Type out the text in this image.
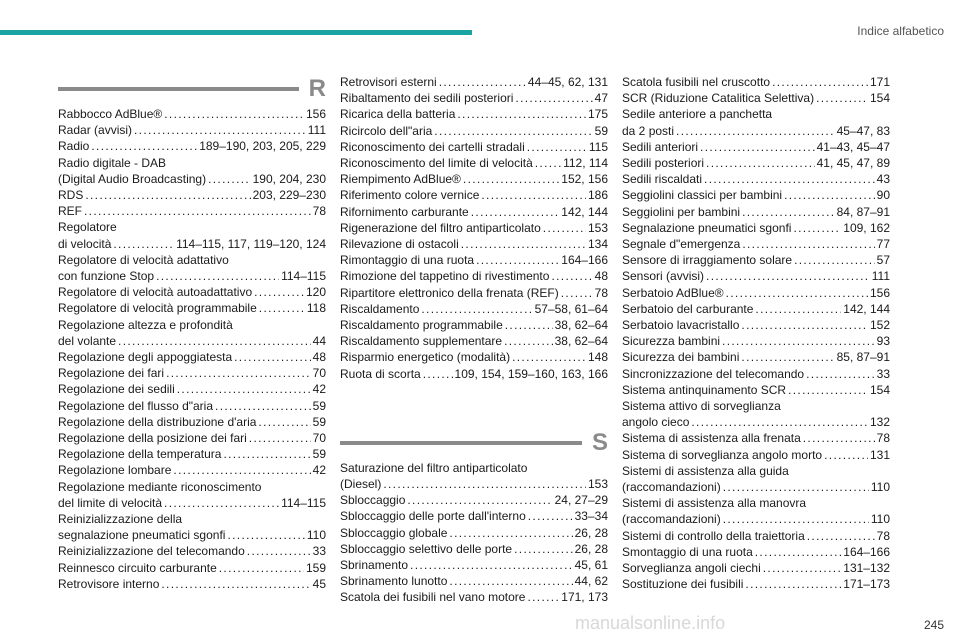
Indice alfabetico
R
Rabbocco AdBlue® . . .	156
Radar (avvisi) . . .	111
Radio . . .	189–190, 203, 205, 229
Radio digitale - DAB
(Digital Audio Broadcasting) . . .	190, 204, 230
RDS . . .	203, 229–230
REF . . .	78
Regolatore
di velocità . . .	114–115, 117, 119–120, 124
Regolatore di velocità adattativo
con funzione Stop . . .	114–115
Regolatore di velocità autoadattativo . . .	120
Regolatore di velocità programmabile . . .	118
Regolazione altezza e profondità
del volante . . .	44
Regolazione degli appoggiatesta . . .	48
Regolazione dei fari . . .	70
Regolazione dei sedili . . .	42
Regolazione del flusso d"aria . . .	59
Regolazione della distribuzione d'aria . . .	59
Regolazione della posizione dei fari . . .	70
Regolazione della temperatura . . .	59
Regolazione lombare . . .	42
Regolazione mediante riconoscimento
del limite di velocità . . .	114–115
Reinizializzazione della
segnalazione pneumatici sgonfi . . .	110
Reinizializzazione del telecomando . . .	33
Reinnesco circuito carburante . . .	159
Retrovisore interno . . .	45
Retrovisori esterni . . .	44–45, 62, 131
Ribaltamento dei sedili posteriori . . .	47
Ricarica della batteria . . .	175
Ricircolo dell"aria . . .	59
Riconoscimento dei cartelli stradali . . .	115
Riconoscimento del limite di velocità . . .	112, 114
Riempimento AdBlue® . . .	152, 156
Riferimento colore vernice . . .	186
Rifornimento carburante . . .	142, 144
Rigenerazione del filtro antiparticolato . . .	153
Rilevazione di ostacoli . . .	134
Rimontaggio di una ruota . . .	164–166
Rimozione del tappetino di rivestimento . . .	48
Ripartitore elettronico della frenata (REF) . . .	78
Riscaldamento . . .	57–58, 61–64
Riscaldamento programmabile . . .	38, 62–64
Riscaldamento supplementare . . .	38, 62–64
Risparmio energetico (modalità) . . .	148
Ruota di scorta . . .	109, 154, 159–160, 163, 166
S
Saturazione del filtro antiparticolato
(Diesel) . . .	153
Sbloccaggio . . .	24, 27–29
Sbloccaggio delle porte dall'interno . . .	33–34
Sbloccaggio globale . . .	26, 28
Sbloccaggio selettivo delle porte . . .	26, 28
Sbrinamento . . .	45, 61
Sbrinamento lunotto . . .	44, 62
Scatola dei fusibili nel vano motore . . .	171, 173
Scatola fusibili nel cruscotto . . .	171
SCR (Riduzione Catalitica Selettiva) . . .	154
Sedile anteriore a panchetta
da 2 posti . . .	45–47, 83
Sedili anteriori . . .	41–43, 45–47
Sedili posteriori . . .	41, 45, 47, 89
Sedili riscaldati . . .	43
Seggiolini classici per bambini . . .	90
Seggiolini per bambini . . .	84, 87–91
Segnalazione pneumatici sgonfi . . .	109, 162
Segnale d"emergenza . . .	77
Sensore di irraggiamento solare . . .	57
Sensori (avvisi) . . .	111
Serbatoio AdBlue® . . .	156
Serbatoio del carburante . . .	142, 144
Serbatoio lavacristallo . . .	152
Sicurezza bambini . . .	93
Sicurezza dei bambini . . .	85, 87–91
Sincronizzazione del telecomando . . .	33
Sistema antinquinamento SCR . . .	154
Sistema attivo di sorveglianza
angolo cieco . . .	132
Sistema di assistenza alla frenata . . .	78
Sistema di sorveglianza angolo morto . . .	131
Sistemi di assistenza alla guida
(raccomandazioni) . . .	110
Sistemi di assistenza alla manovra
(raccomandazioni) . . .	110
Sistemi di controllo della traiettoria . . .	78
Smontaggio di una ruota . . .	164–166
Sorveglianza angoli ciechi . . .	131–132
Sostituzione dei fusibili . . .	171–173
manualsonline.info	245
